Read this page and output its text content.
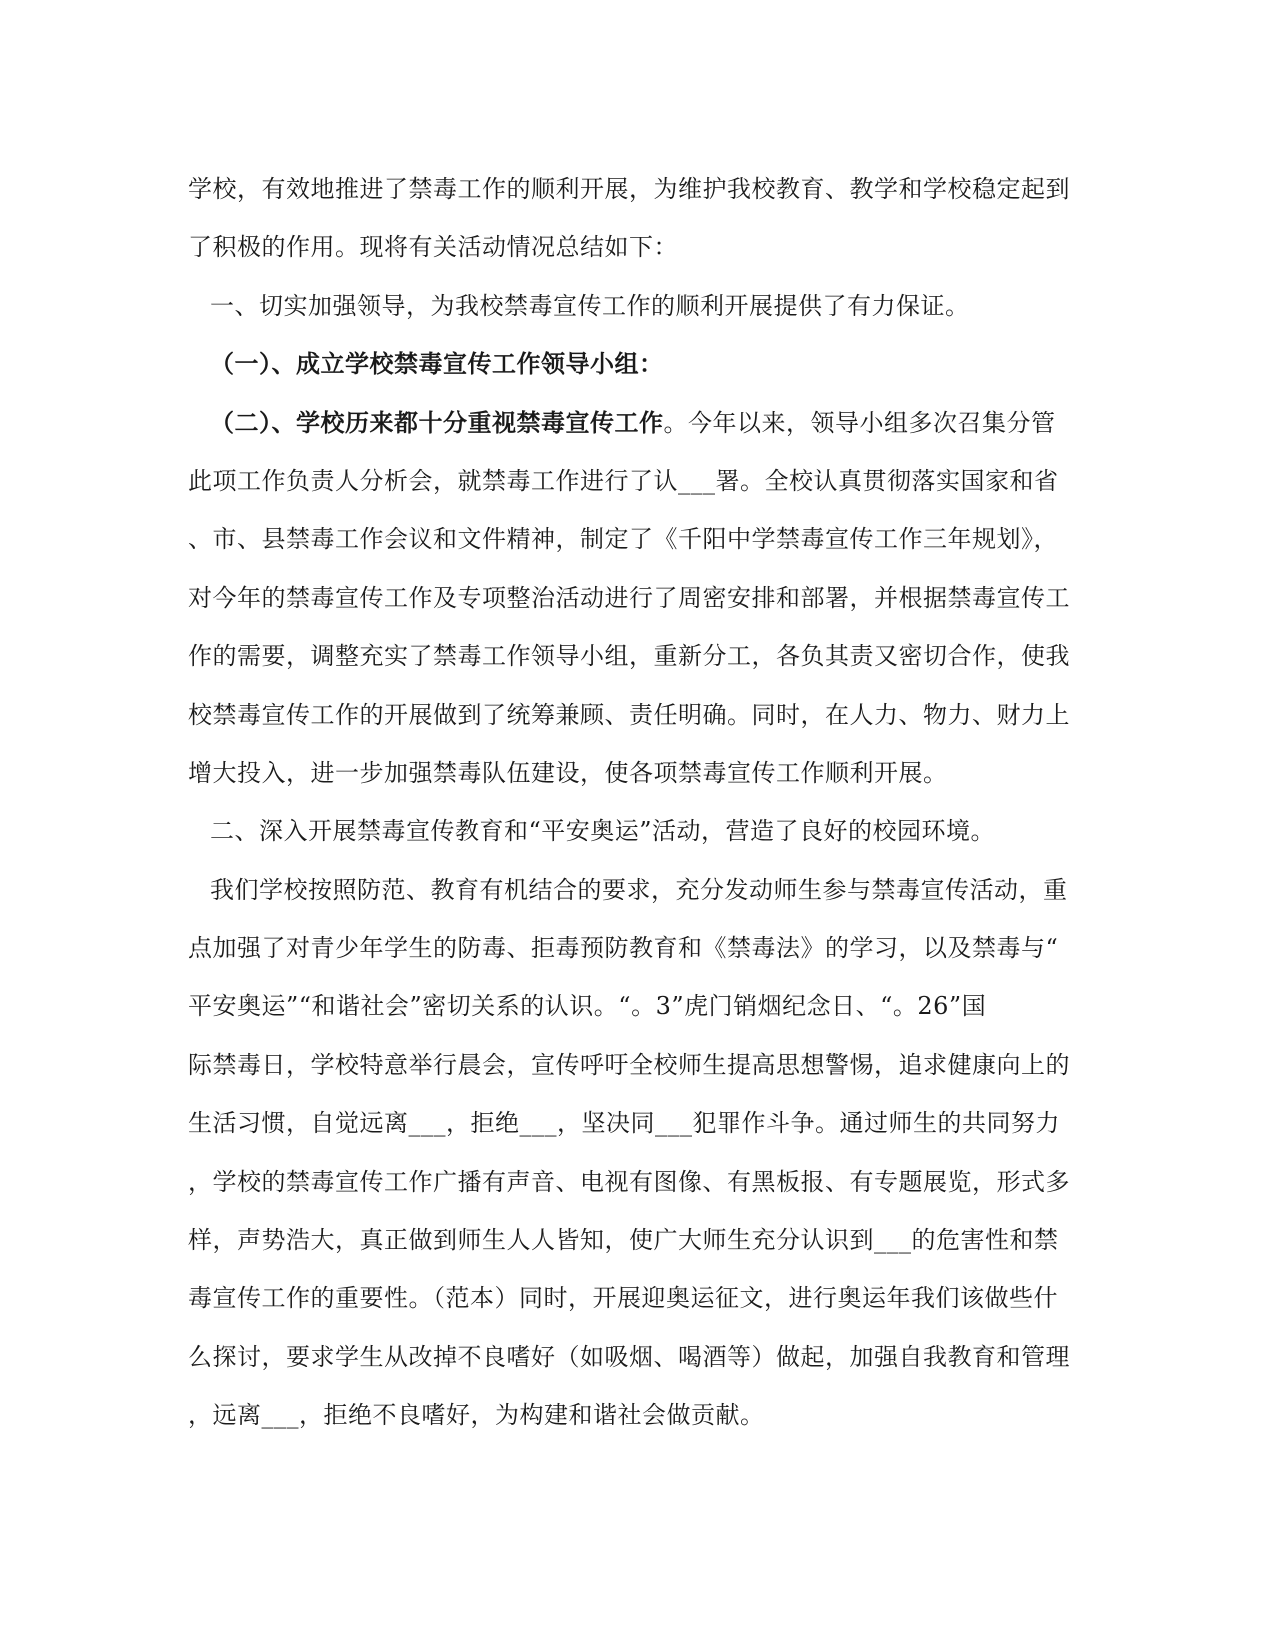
学校，有效地推进了禁毒工作的顺利开展，为维护我校教育、教学和学校稳定起到
了积极的作用。现将有关活动情况总结如下：
一、切实加强领导，为我校禁毒宣传工作的顺利开展提供了有力保证。
（一）、成立学校禁毒宣传工作领导小组：
（二）、学校历来都十分重视禁毒宣传工作。今年以来，领导小组多次召集分管
此项工作负责人分析会，就禁毒工作进行了认___署。全校认真贯彻落实国家和省
、市、县禁毒工作会议和文件精神，制定了《千阳中学禁毒宣传工作三年规划》，
对今年的禁毒宣传工作及专项整治活动进行了周密安排和部署，并根据禁毒宣传工
作的需要，调整充实了禁毒工作领导小组，重新分工，各负其责又密切合作，使我
校禁毒宣传工作的开展做到了统筹兼顾、责任明确。同时，在人力、物力、财力上
增大投入，进一步加强禁毒队伍建设，使各项禁毒宣传工作顺利开展。
二、深入开展禁毒宣传教育和“平安奥运”活动，营造了良好的校园环境。
我们学校按照防范、教育有机结合的要求，充分发动师生参与禁毒宣传活动，重
点加强了对青少年学生的防毒、拒毒预防教育和《禁毒法》的学习，以及禁毒与“
平安奥运”“和谐社会”密切关系的认识。“。3”虎门销烟纪念日、“。26”国
际禁毒日，学校特意举行晨会，宣传呼吁全校师生提高思想警惕，追求健康向上的
生活习惯，自觉远离___，拒绝___，坚决同___犯罪作斗争。通过师生的共同努力
，学校的禁毒宣传工作广播有声音、电视有图像、有黑板报、有专题展览，形式多
样，声势浩大，真正做到师生人人皆知，使广大师生充分认识到___的危害性和禁
毒宣传工作的重要性。（范本）同时，开展迎奥运征文，进行奥运年我们该做些什
么探讨，要求学生从改掉不良嗜好（如吸烟、喝酒等）做起，加强自我教育和管理
，远离___，拒绝不良嗜好，为构建和谐社会做贡献。
